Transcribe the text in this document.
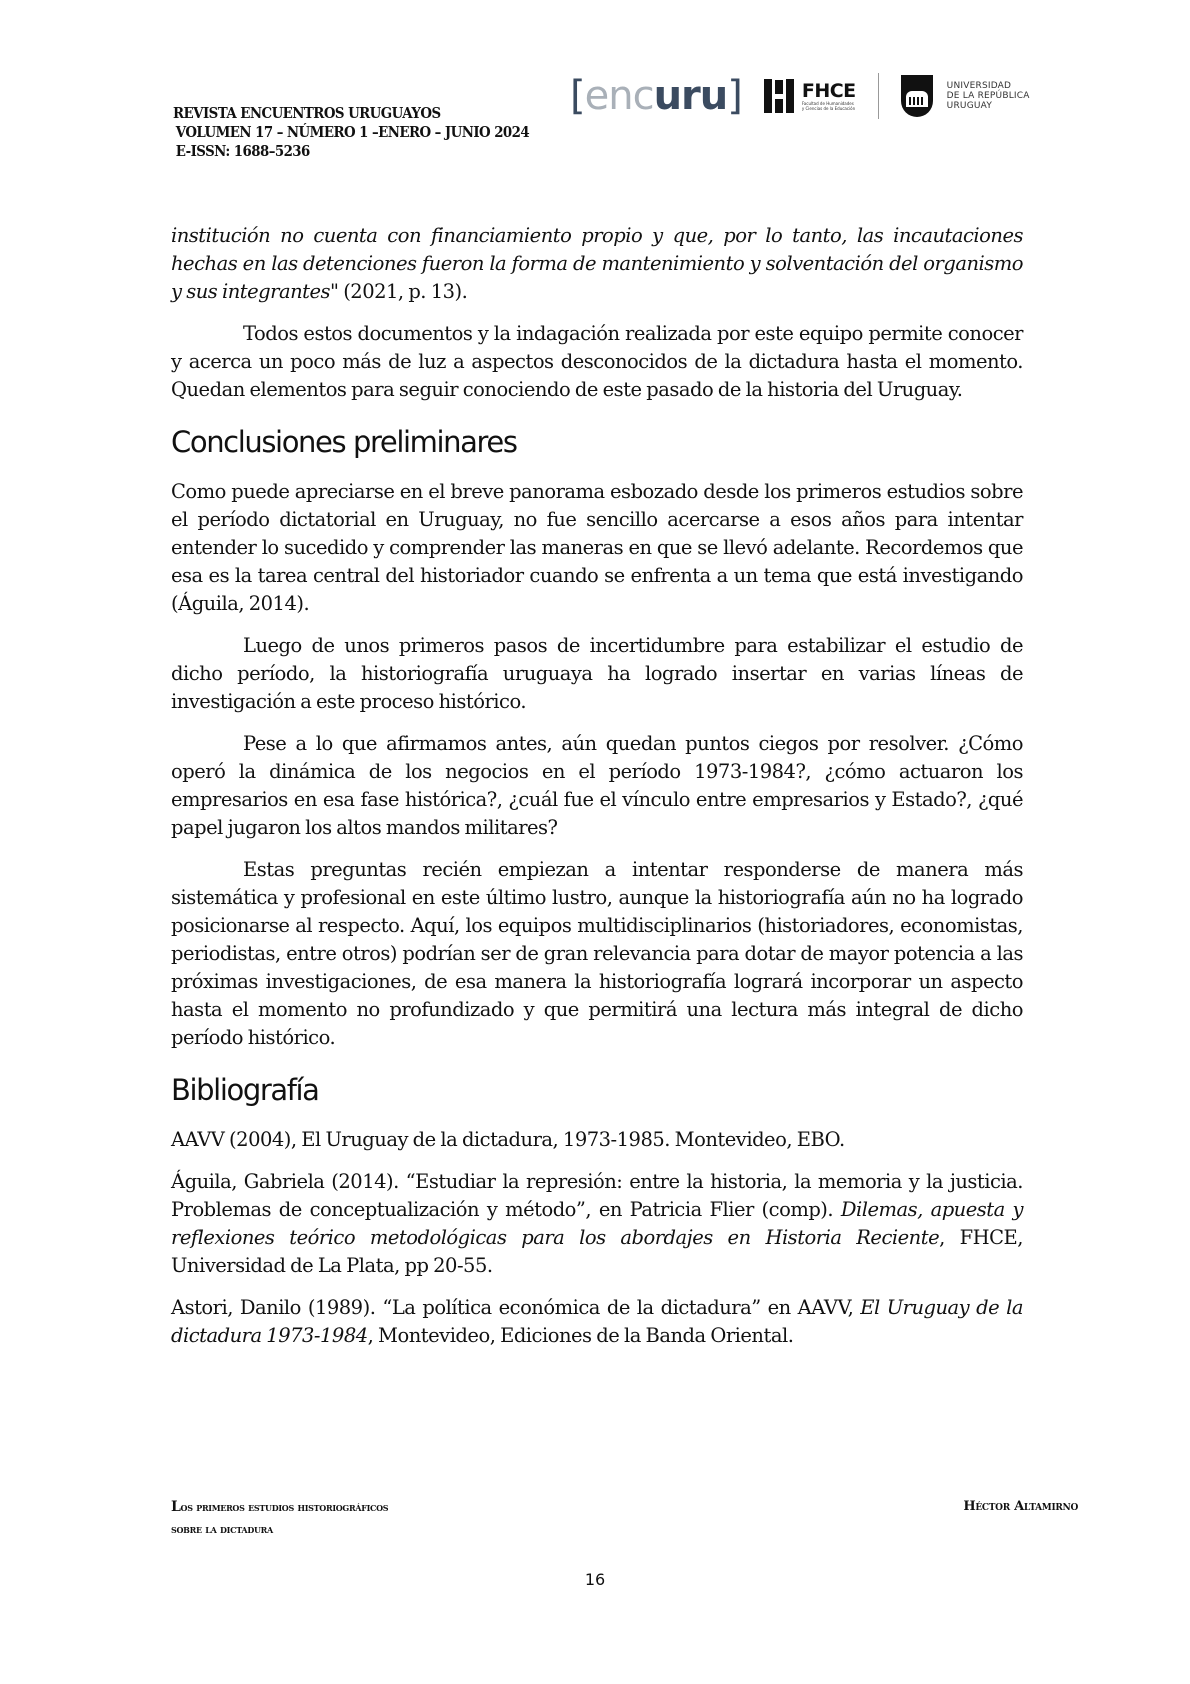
REVISTA ENCUENTROS URUGUAYOS
VOLUMEN 17 – NÚMERO 1 –ENERO – JUNIO 2024
E-ISSN: 1688–5236
[ enc uru ]	FHCE
Facultad de Humanidades
y Ciencias de la Educación
UNIVERSIDAD
DE LA REPÚBLICA
URUGUAY

institución no cuenta con financiamiento propio y que, por lo tanto, las incautaciones hechas en las detenciones fueron la forma de mantenimiento y solventación del organismo y sus integrantes" (2021, p. 13).

Todos estos documentos y la indagación realizada por este equipo permite conocer y acerca un poco más de luz a aspectos desconocidos de la dictadura hasta el momento. Quedan elementos para seguir conociendo de este pasado de la historia del Uruguay.

Conclusiones preliminares

Como puede apreciarse en el breve panorama esbozado desde los primeros estudios sobre el período dictatorial en Uruguay, no fue sencillo acercarse a esos años para intentar entender lo sucedido y comprender las maneras en que se llevó adelante. Recordemos que esa es la tarea central del historiador cuando se enfrenta a un tema que está investigando (Águila, 2014).

Luego de unos primeros pasos de incertidumbre para estabilizar el estudio de dicho período, la historiografía uruguaya ha logrado insertar en varias líneas de investigación a este proceso histórico.

Pese a lo que afirmamos antes, aún quedan puntos ciegos por resolver. ¿Cómo operó la dinámica de los negocios en el período 1973-1984?, ¿cómo actuaron los empresarios en esa fase histórica?, ¿cuál fue el vínculo entre empresarios y Estado?, ¿qué papel jugaron los altos mandos militares?

Estas preguntas recién empiezan a intentar responderse de manera más sistemática y profesional en este último lustro, aunque la historiografía aún no ha logrado posicionarse al respecto. Aquí, los equipos multidisciplinarios (historiadores, economistas, periodistas, entre otros) podrían ser de gran relevancia para dotar de mayor potencia a las próximas investigaciones, de esa manera la historiografía logrará incorporar un aspecto hasta el momento no profundizado y que permitirá una lectura más integral de dicho período histórico.

Bibliografía

AAVV (2004), El Uruguay de la dictadura, 1973-1985. Montevideo, EBO.

Águila, Gabriela (2014). “Estudiar la represión: entre la historia, la memoria y la justicia. Problemas de conceptualización y método”, en Patricia Flier (comp). Dilemas, apuesta y reflexiones teórico metodológicas para los abordajes en Historia Reciente, FHCE, Universidad de La Plata, pp 20-55.

Astori, Danilo (1989). “La política económica de la dictadura” en AAVV, El Uruguay de la dictadura 1973-1984, Montevideo, Ediciones de la Banda Oriental.

Los primeros estudios historiográficos
sobre la dictadura
Héctor Altamirno
16
